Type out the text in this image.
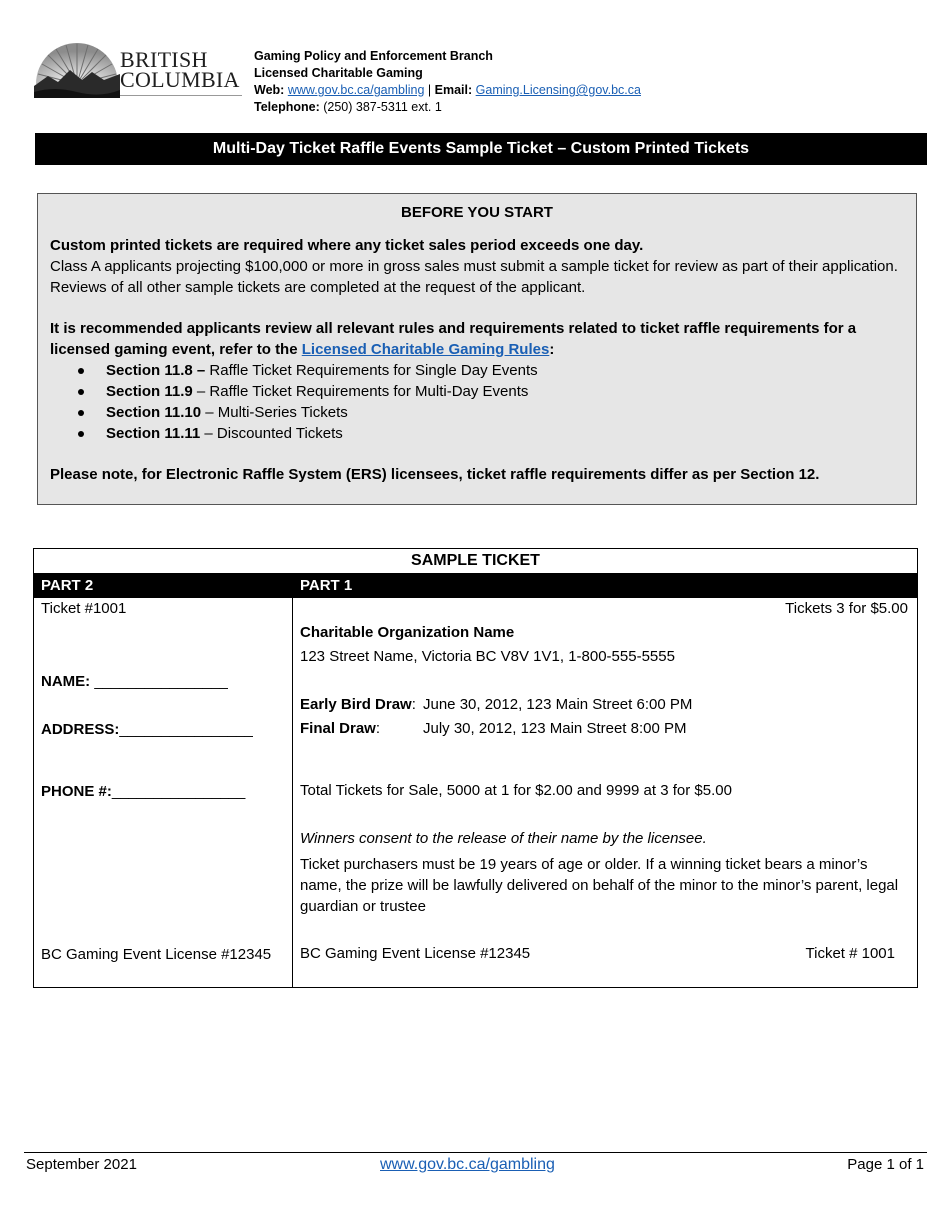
BRITISH
COLUMBIA
Gaming Policy and Enforcement Branch
Licensed Charitable Gaming
Web: www.gov.bc.ca/gambling | Email: Gaming.Licensing@gov.bc.ca
Telephone: (250) 387-5311 ext. 1
Multi-Day Ticket Raffle Events Sample Ticket – Custom Printed Tickets
BEFORE YOU START

Custom printed tickets are required where any ticket sales period exceeds one day.

Class A applicants projecting $100,000 or more in gross sales must submit a sample ticket for review as part of their application. Reviews of all other sample tickets are completed at the request of the applicant.

It is recommended applicants review all relevant rules and requirements related to ticket raffle requirements for a licensed gaming event, refer to the Licensed Charitable Gaming Rules:

Section 11.8 – Raffle Ticket Requirements for Single Day Events
Section 11.9 – Raffle Ticket Requirements for Multi-Day Events
Section 11.10 – Multi-Series Tickets
Section 11.11 – Discounted Tickets

Please note, for Electronic Raffle System (ERS) licensees, ticket raffle requirements differ as per Section 12.

SAMPLE TICKET
PART 2	PART 1
Ticket #1001
NAME: ________________
ADDRESS:________________
PHONE #:________________
BC Gaming Event License #12345
Tickets 3 for $5.00
Charitable Organization Name
123 Street Name, Victoria BC V8V 1V1, 1-800-555-5555
Early Bird Draw: June 30, 2012, 123 Main Street 6:00 PM
Final Draw:	July 30, 2012, 123 Main Street 8:00 PM
Total Tickets for Sale, 5000 at 1 for $2.00 and 9999 at 3 for $5.00
Winners consent to the release of their name by the licensee.
Ticket purchasers must be 19 years of age or older. If a winning ticket bears a minor’s name, the prize will be lawfully delivered on behalf of the minor to the minor’s parent, legal guardian or trustee
BC Gaming Event License #12345	Ticket # 1001
September 2021	www.gov.bc.ca/gambling	Page 1 of 1
